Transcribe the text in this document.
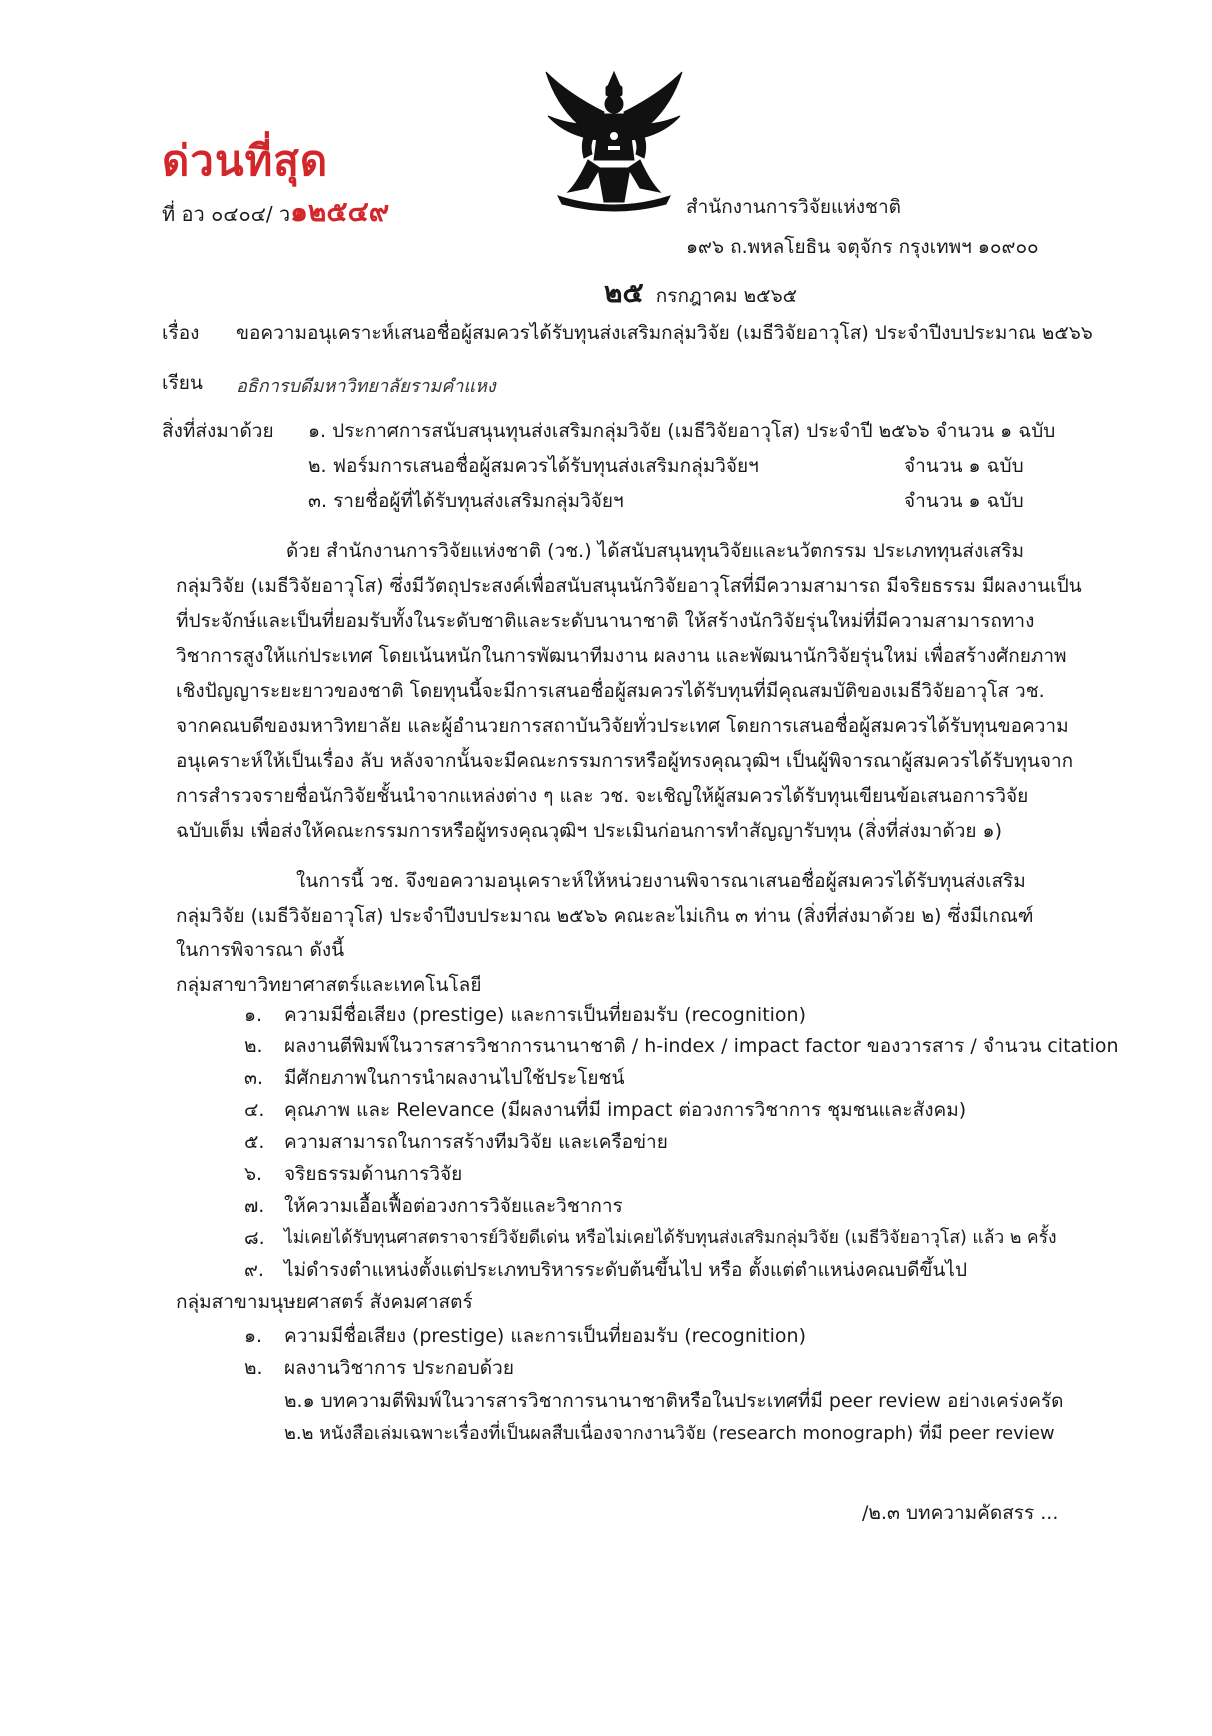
ด่วนที่สุด
ที่ อว ๐๔๐๔/ ว๑๒๕๔๙	สำนักงานการวิจัยแห่งชาติ
๑๙๖ ถ.พหลโยธิน จตุจักร กรุงเทพฯ ๑๐๙๐๐
๒๕ กรกฎาคม ๒๕๖๕
เรื่อง ขอความอนุเคราะห์เสนอชื่อผู้สมควรได้รับทุนส่งเสริมกลุ่มวิจัย (เมธีวิจัยอาวุโส) ประจำปีงบประมาณ ๒๕๖๖
เรียน อธิการบดีมหาวิทยาลัยรามคำแหง
สิ่งที่ส่งมาด้วย ๑. ประกาศการสนับสนุนทุนส่งเสริมกลุ่มวิจัย (เมธีวิจัยอาวุโส) ประจำปี ๒๕๖๖ จำนวน ๑ ฉบับ
๒. ฟอร์มการเสนอชื่อผู้สมควรได้รับทุนส่งเสริมกลุ่มวิจัยฯ	จำนวน ๑ ฉบับ
๓. รายชื่อผู้ที่ได้รับทุนส่งเสริมกลุ่มวิจัยฯ	จำนวน ๑ ฉบับ
ด้วย สำนักงานการวิจัยแห่งชาติ (วช.) ได้สนับสนุนทุนวิจัยและนวัตกรรม ประเภททุนส่งเสริม
กลุ่มวิจัย (เมธีวิจัยอาวุโส) ซึ่งมีวัตถุประสงค์เพื่อสนับสนุนนักวิจัยอาวุโสที่มีความสามารถ มีจริยธรรม มีผลงานเป็น
ที่ประจักษ์และเป็นที่ยอมรับทั้งในระดับชาติและระดับนานาชาติ ให้สร้างนักวิจัยรุ่นใหม่ที่มีความสามารถทาง
วิชาการสูงให้แก่ประเทศ โดยเน้นหนักในการพัฒนาทีมงาน ผลงาน และพัฒนานักวิจัยรุ่นใหม่ เพื่อสร้างศักยภาพ
เชิงปัญญาระยะยาวของชาติ โดยทุนนี้จะมีการเสนอชื่อผู้สมควรได้รับทุนที่มีคุณสมบัติของเมธีวิจัยอาวุโส วช.
จากคณบดีของมหาวิทยาลัย และผู้อำนวยการสถาบันวิจัยทั่วประเทศ โดยการเสนอชื่อผู้สมควรได้รับทุนขอความ
อนุเคราะห์ให้เป็นเรื่อง ลับ หลังจากนั้นจะมีคณะกรรมการหรือผู้ทรงคุณวุฒิฯ เป็นผู้พิจารณาผู้สมควรได้รับทุนจาก
การสำรวจรายชื่อนักวิจัยชั้นนำจากแหล่งต่าง ๆ และ วช. จะเชิญให้ผู้สมควรได้รับทุนเขียนข้อเสนอการวิจัย
ฉบับเต็ม เพื่อส่งให้คณะกรรมการหรือผู้ทรงคุณวุฒิฯ ประเมินก่อนการทำสัญญารับทุน (สิ่งที่ส่งมาด้วย ๑)
ในการนี้ วช. จึงขอความอนุเคราะห์ให้หน่วยงานพิจารณาเสนอชื่อผู้สมควรได้รับทุนส่งเสริม
กลุ่มวิจัย (เมธีวิจัยอาวุโส) ประจำปีงบประมาณ ๒๕๖๖ คณะละไม่เกิน ๓ ท่าน (สิ่งที่ส่งมาด้วย ๒) ซึ่งมีเกณฑ์
ในการพิจารณา ดังนี้
กลุ่มสาขาวิทยาศาสตร์และเทคโนโลยี
๑. ความมีชื่อเสียง (prestige) และการเป็นที่ยอมรับ (recognition)
๒. ผลงานตีพิมพ์ในวารสารวิชาการนานาชาติ / h-index / impact factor ของวารสาร / จำนวน citation
๓. มีศักยภาพในการนำผลงานไปใช้ประโยชน์
๔. คุณภาพ และ Relevance (มีผลงานที่มี impact ต่อวงการวิชาการ ชุมชนและสังคม)
๕. ความสามารถในการสร้างทีมวิจัย และเครือข่าย
๖. จริยธรรมด้านการวิจัย
๗. ให้ความเอื้อเฟื้อต่อวงการวิจัยและวิชาการ
๘. ไม่เคยได้รับทุนศาสตราจารย์วิจัยดีเด่น หรือไม่เคยได้รับทุนส่งเสริมกลุ่มวิจัย (เมธีวิจัยอาวุโส) แล้ว ๒ ครั้ง
๙. ไม่ดำรงตำแหน่งตั้งแต่ประเภทบริหารระดับต้นขึ้นไป หรือ ตั้งแต่ตำแหน่งคณบดีขึ้นไป
กลุ่มสาขามนุษยศาสตร์ สังคมศาสตร์
๑. ความมีชื่อเสียง (prestige) และการเป็นที่ยอมรับ (recognition)
๒. ผลงานวิชาการ ประกอบด้วย
๒.๑ บทความตีพิมพ์ในวารสารวิชาการนานาชาติหรือในประเทศที่มี peer review อย่างเคร่งครัด
๒.๒ หนังสือเล่มเฉพาะเรื่องที่เป็นผลสืบเนื่องจากงานวิจัย (research monograph) ที่มี peer review
/๒.๓ บทความคัดสรร ...
